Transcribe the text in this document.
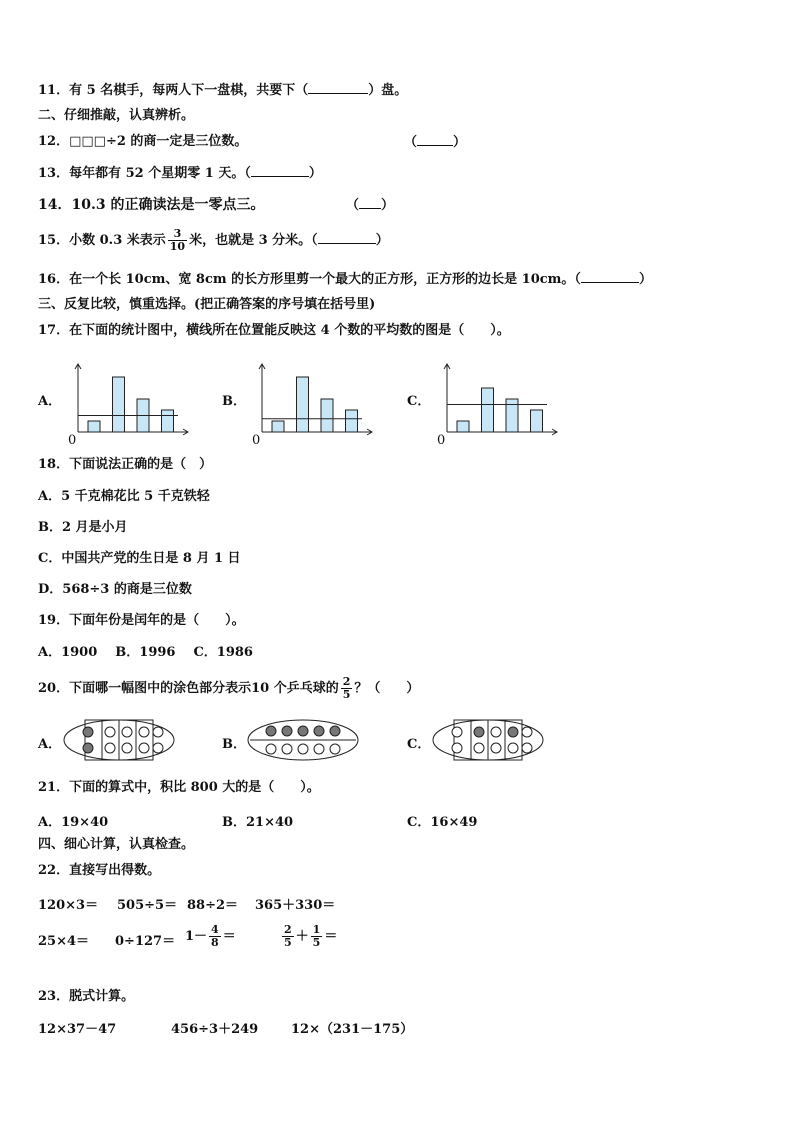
11．有 5 名棋手，每两人下一盘棋，共要下（	）盘。
二、仔细推敲，认真辨析。
12．□□□÷2 的商一定是三位数。	（	）
13．每年都有 52 个星期零 1 天。（	）
14．10.3 的正确读法是一零点三。	（ ）
15．小数 0.3 米表示 $\frac{3}{10}$ 米，也就是 3 分米。（	）
16．在一个长 10cm、宽 8cm 的长方形里剪一个最大的正方形，正方形的边长是 10cm。（	）
三、反复比较，慎重选择。(把正确答案的序号填在括号里)
17．在下面的统计图中，横线所在位置能反映这 4 个数的平均数的图是（　　）。
A．	B．	C．
0	0	0
18．下面说法正确的是（　）
A．5 千克棉花比 5 千克铁轻
B．2 月是小月
C．中国共产党的生日是 8 月 1 日
D．568÷3 的商是三位数
19．下面年份是闰年的是（　　）。
A．1900 B．1996 C．1986
20．下面哪一幅图中的涂色部分表示10 个乒乓球的 $\frac{2}{5}$ ？（　　）
A．	B．	C．
21．下面的算式中，积比 800 大的是（　　）。
A．19×40	B．21×40	C．16×49
四、细心计算，认真检查。
22．直接写出得数。
120×3＝ 505÷5＝ 88÷2＝ 365＋330＝
$25\times 4= 0\div 127= 1- \frac{4}{8}$ ＝	$\frac{2}{5} + \frac{1}{5}$ ＝
23．脱式计算。
12×37－47	456÷3＋249	12×（231－175）
